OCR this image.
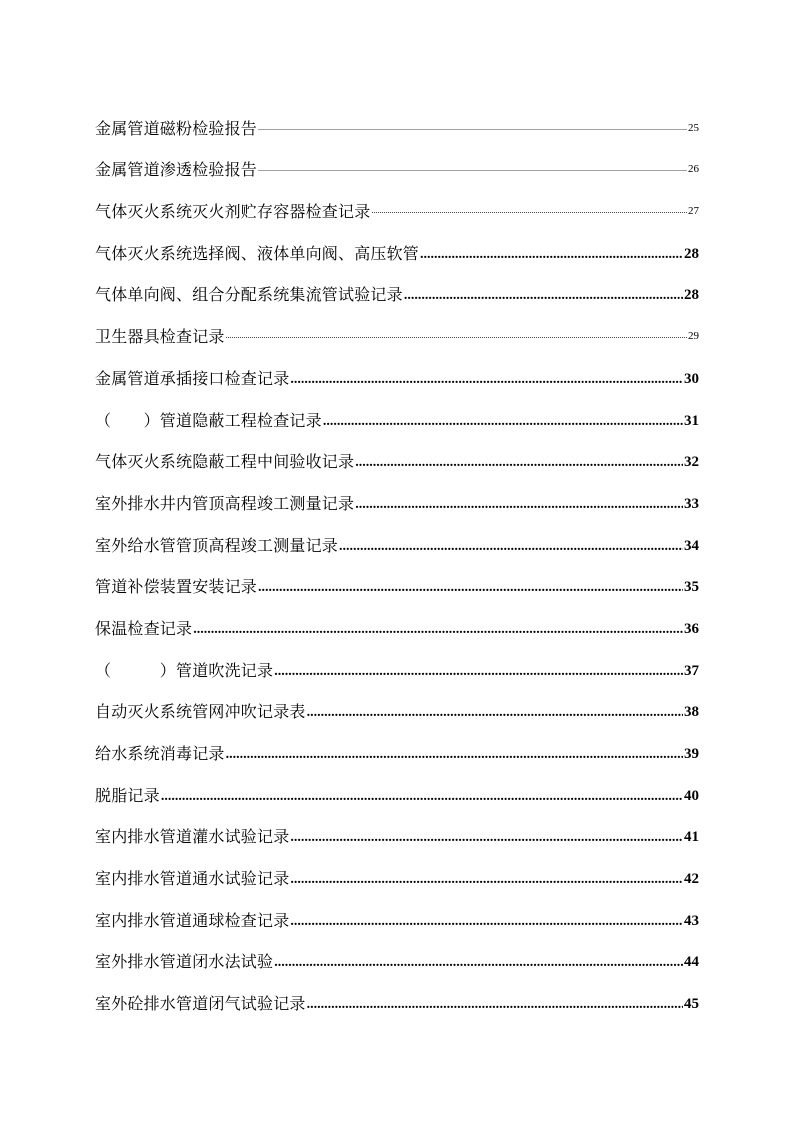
金属管道磁粉检验报告 .....	25
金属管道渗透检验报告 .....	26
气体灭火系统灭火剂贮存容器检查记录 .....	27
气体灭火系统选择阀、液体单向阀、高压软管 .....	28
气体单向阀、组合分配系统集流管试验记录 .....	28
卫生器具检查记录 .....	29
金属管道承插接口检查记录 .....	30
（　　）管道隐蔽工程检查记录 .....	31
气体灭火系统隐蔽工程中间验收记录 .....	32
室外排水井内管顶高程竣工测量记录 .....	33
室外给水管管顶高程竣工测量记录 .....	34
管道补偿装置安装记录 .....	35
保温检查记录 .....	36
（　　　）管道吹洗记录 .....	37
自动灭火系统管网冲吹记录表 .....	38
给水系统消毒记录 .....	39
脱脂记录 .....	40
室内排水管道灌水试验记录 .....	41
室内排水管道通水试验记录 .....	42
室内排水管道通球检查记录 .....	43
室外排水管道闭水法试验 .....	44
室外砼排水管道闭气试验记录 .....	45
